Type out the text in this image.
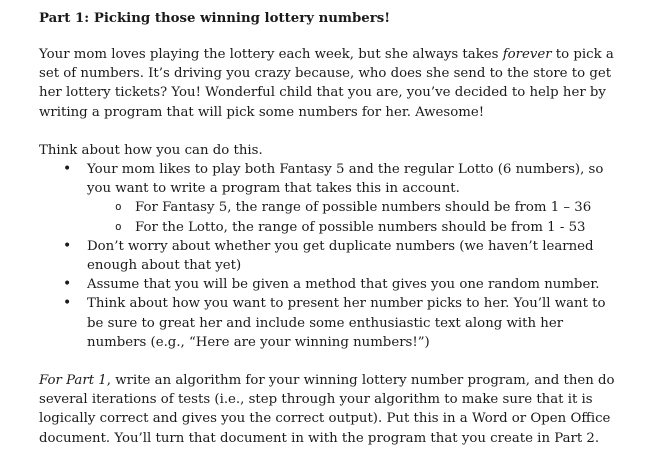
Part 1: Picking those winning lottery numbers!

Your mom loves playing the lottery each week, but she always takes forever to pick a set of numbers. It’s driving you crazy because, who does she send to the store to get her lottery tickets? You! Wonderful child that you are, you’ve decided to help her by writing a program that will pick some numbers for her. Awesome!

Think about how you can do this.

• Your mom likes to play both Fantasy 5 and the regular Lotto (6 numbers), so you want to write a program that takes this in account.
o For Fantasy 5, the range of possible numbers should be from 1 – 36
o For the Lotto, the range of possible numbers should be from 1 - 53
• Don’t worry about whether you get duplicate numbers (we haven’t learned enough about that yet)
• Assume that you will be given a method that gives you one random number.
• Think about how you want to present her number picks to her. You’ll want to be sure to great her and include some enthusiastic text along with her numbers (e.g., “Here are your winning numbers!”)

For Part 1, write an algorithm for your winning lottery number program, and then do several iterations of tests (i.e., step through your algorithm to make sure that it is logically correct and gives you the correct output). Put this in a Word or Open Office document. You’ll turn that document in with the program that you create in Part 2.
